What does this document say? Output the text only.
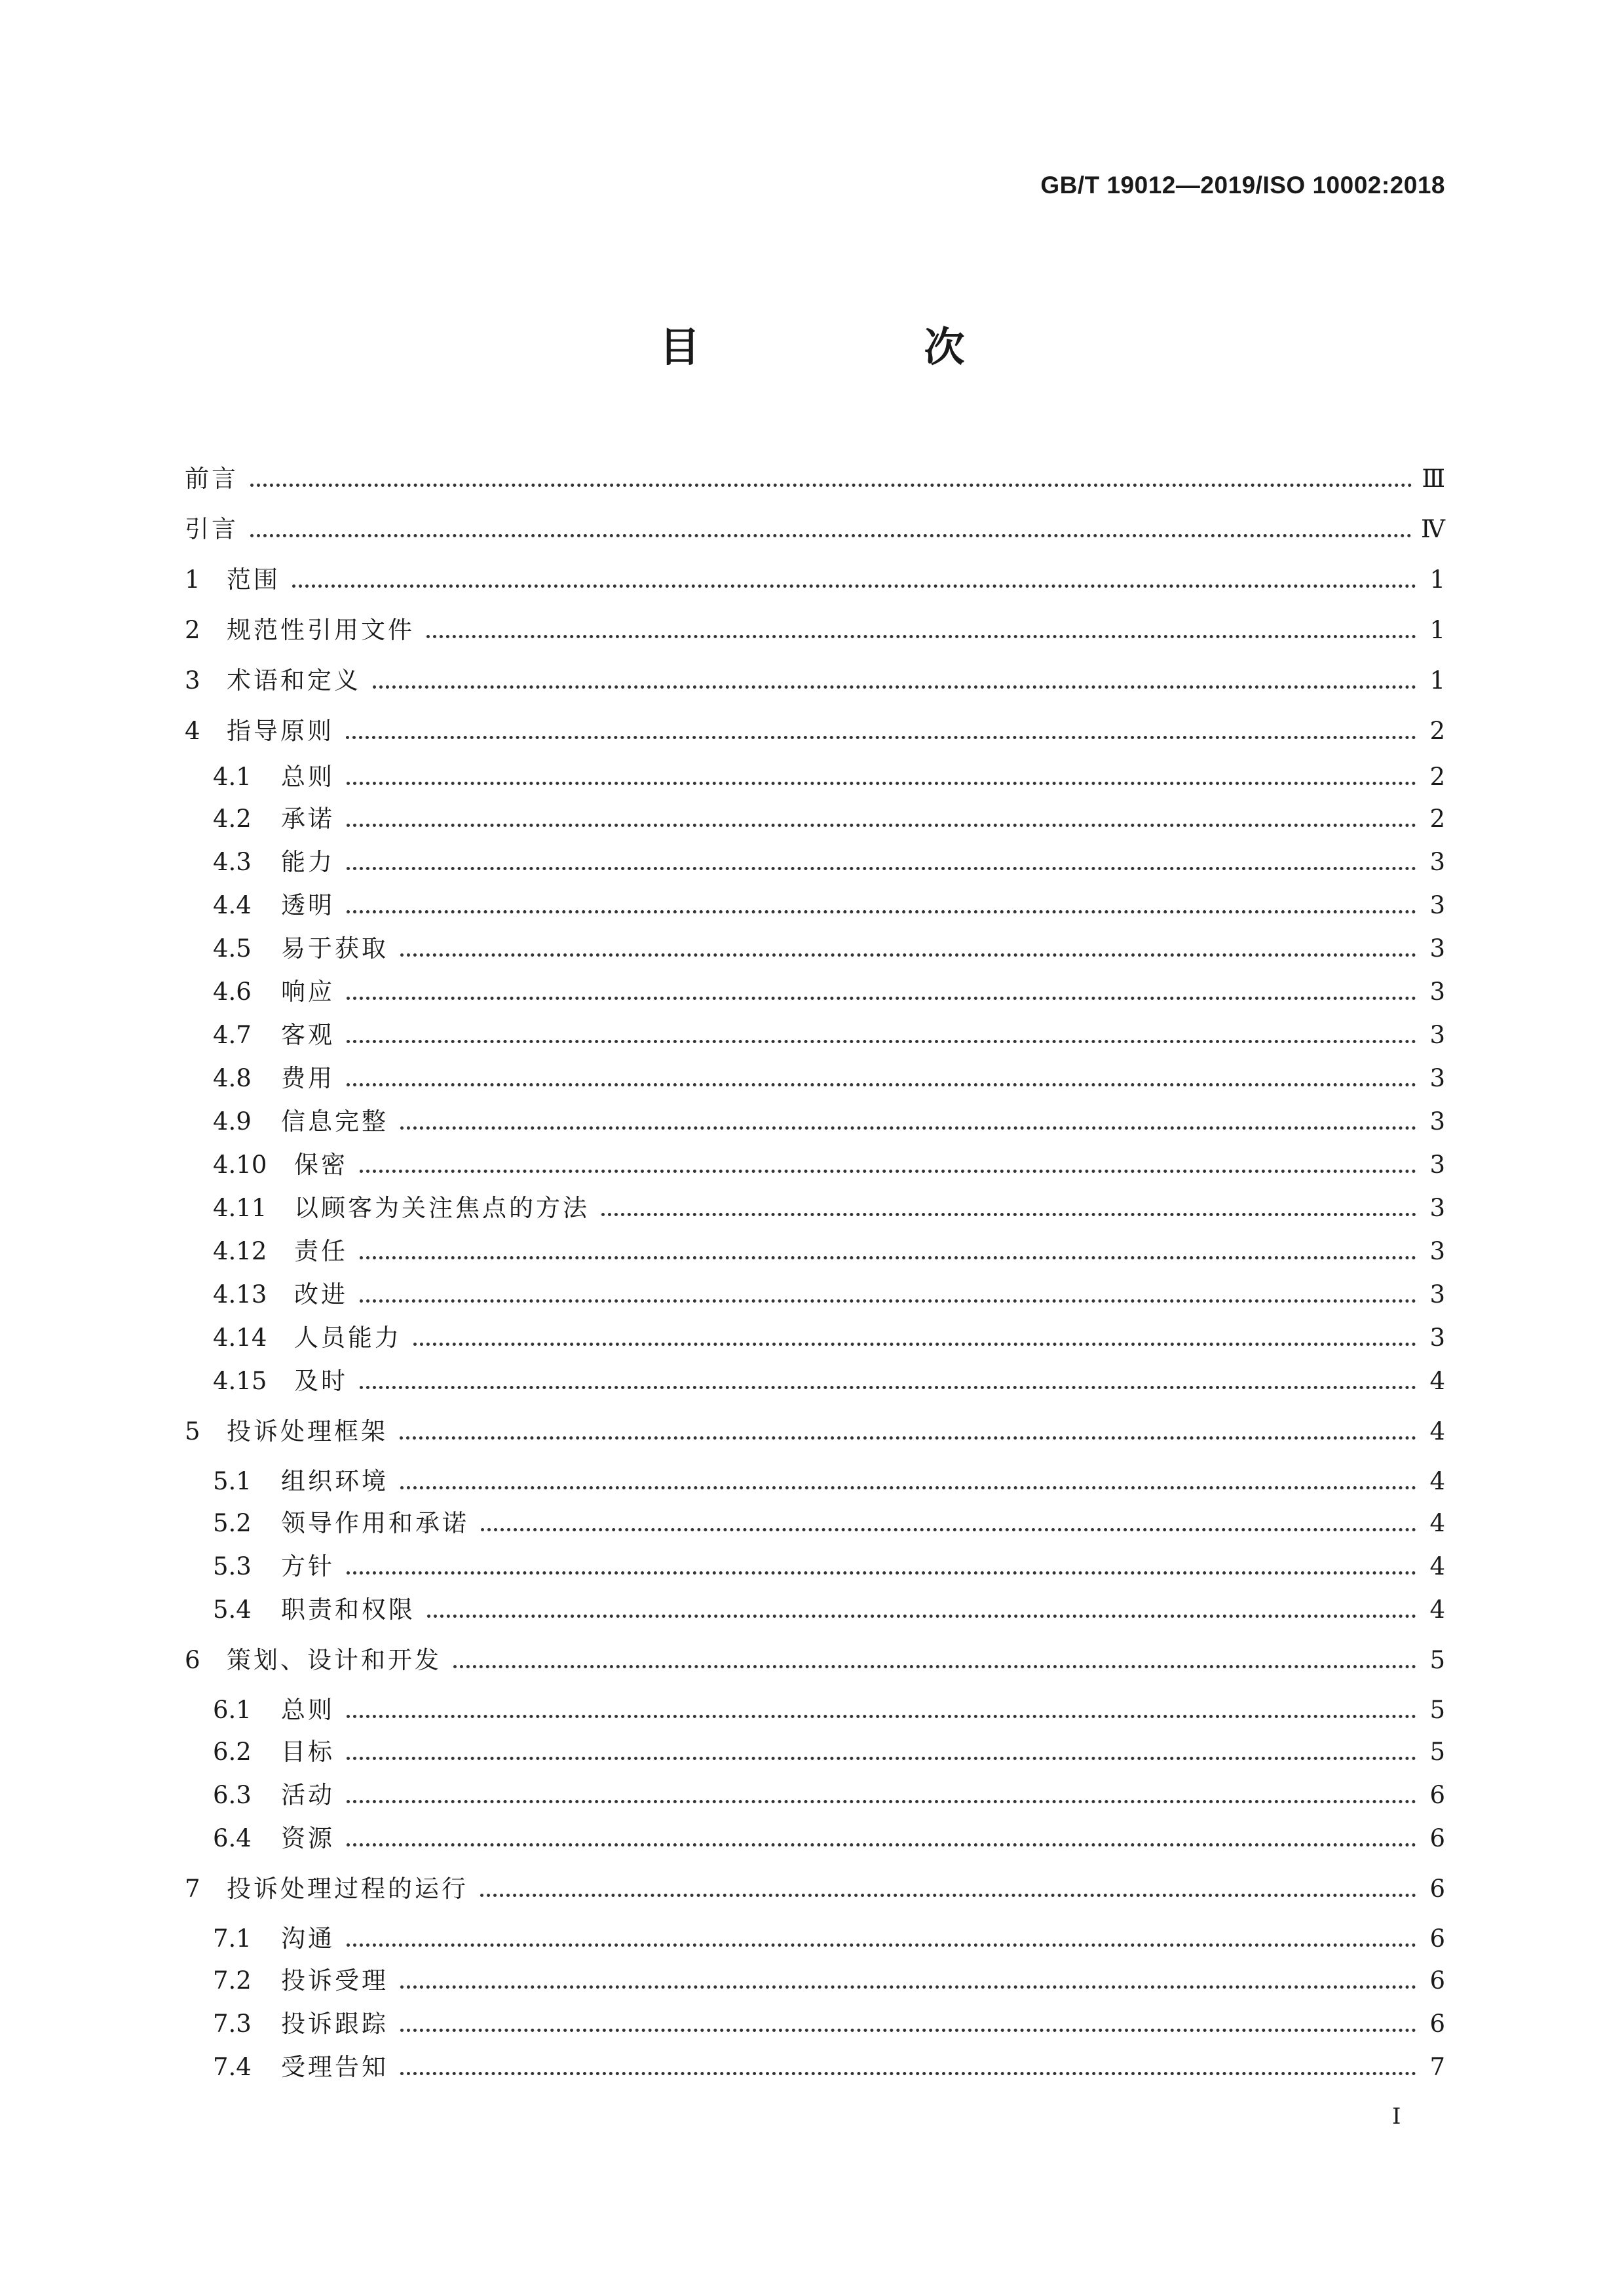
GB/T 19012—2019/ISO 10002:2018
目　次
前言	Ⅲ
引言	Ⅳ
1	范围	1
2	规范性引用文件	1
3	术语和定义	1
4	指导原则	2
4.1	总则	2
4.2	承诺	2
4.3	能力	3
4.4	透明	3
4.5	易于获取	3
4.6	响应	3
4.7	客观	3
4.8	费用	3
4.9	信息完整	3
4.10	保密	3
4.11	以顾客为关注焦点的方法	3
4.12	责任	3
4.13	改进	3
4.14	人员能力	3
4.15	及时	4
5	投诉处理框架	4
5.1	组织环境	4
5.2	领导作用和承诺	4
5.3	方针	4
5.4	职责和权限	4
6	策划、设计和开发	5
6.1	总则	5
6.2	目标	5
6.3	活动	6
6.4	资源	6
7	投诉处理过程的运行	6
7.1	沟通	6
7.2	投诉受理	6
7.3	投诉跟踪	6
7.4	受理告知	7
Ⅰ
